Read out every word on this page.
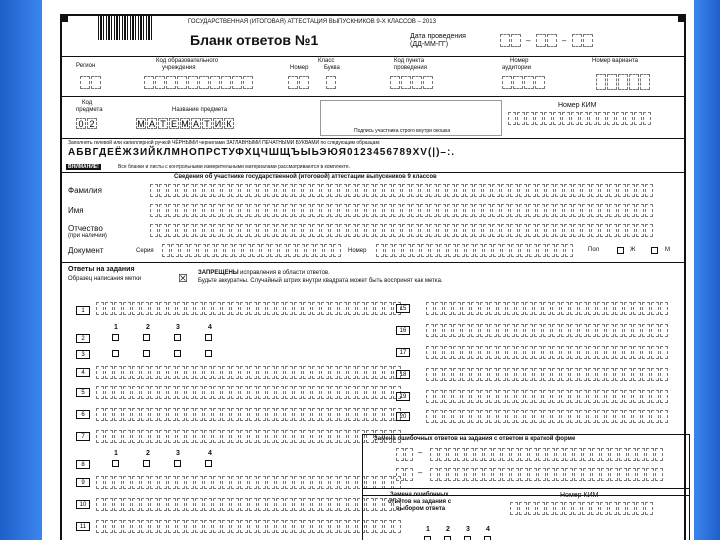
ГОСУДАРСТВЕННАЯ (ИТОГОВАЯ) АТТЕСТАЦИЯ ВЫПУСКНИКОВ 9-Х КЛАССОВ – 2013
Бланк ответов №1	Дата проведения
(ДД-ММ-ГГ)	–	–
Регион
Код образовательного
учреждения
Класс
Номер	Буква
Код пункта
проведения
Номер
аудитории
Номер варианта
Код
предмета	Название предмета
0 2	М А Т Е М А Т И К
Подпись участника строго внутри окошка
Номер КИМ
Заполнять гелевой или капиллярной ручкой ЧЁРНЫМИ чернилами ЗАГЛАВНЫМИ ПЕЧАТНЫМИ БУКВАМИ по следующим образцам:
АБВГДЕЁЖЗИЙКЛМНОПРСТУФХЦЧШЩЪЫЬЭЮЯ0123456789XV(|)–:.
ВНИМАНИЕ!	Все бланки и листы с контрольными измерительными материалами рассматриваются в комплекте.
Сведения об участнике государственной (итоговой) аттестации выпускников 9 классов
Фамилия
Имя
Отчество
(при наличии)
Документ	Серия	Номер	Пол	Ж	М
Ответы на задания
Образец написания метки	☒ ЗАПРЕЩЕНЫ исправления в области ответов.
Будьте аккуратны. Случайный штрих внутри квадрата может быть воспринят как метка.
1
1	2	3	4
2
3
4
5
6
7
1	2	3	4
8
9
10
11
15
16
17
18
19
20
Замена ошибочных ответов на задания с ответом в краткой форме
–
–
Замена ошибочных
ответов на задания с
выбором ответа
Номер КИМ
1 2 3 4
